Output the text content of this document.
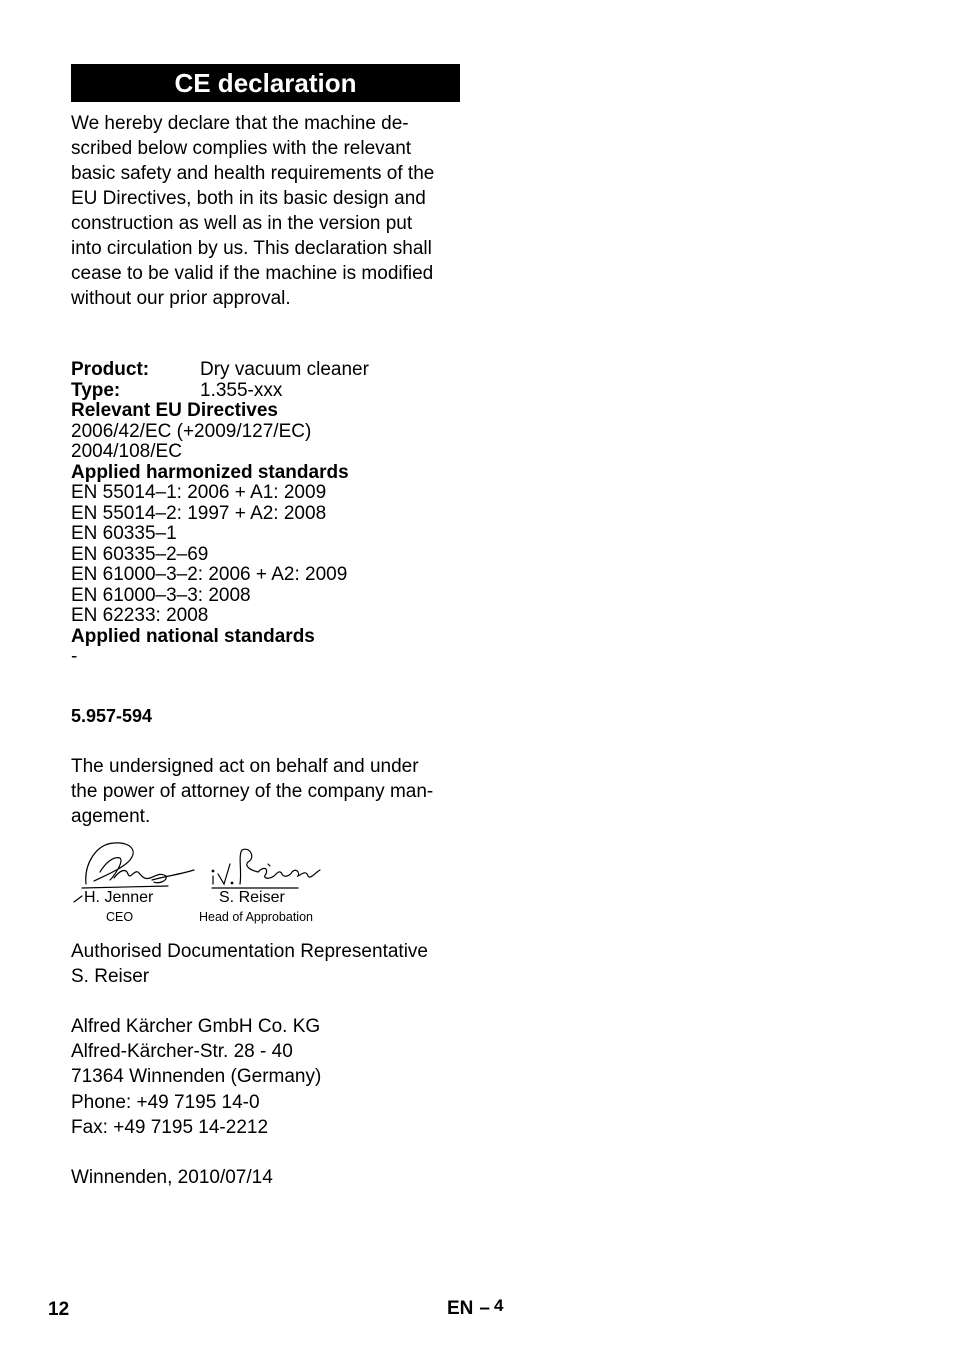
CE declaration
We hereby declare that the machine de-
scribed below complies with the relevant
basic safety and health requirements of the
EU Directives, both in its basic design and
construction as well as in the version put
into circulation by us. This declaration shall
cease to be valid if the machine is modified
without our prior approval.
Product:	Dry vacuum cleaner
Type:	1.355-xxx
Relevant EU Directives
2006/42/EC (+2009/127/EC)
2004/108/EC
Applied harmonized standards
EN 55014–1: 2006 + A1: 2009
EN 55014–2: 1997 + A2: 2008
EN 60335–1
EN 60335–2–69
EN 61000–3–2: 2006 + A2: 2009
EN 61000–3–3: 2008
EN 62233: 2008
Applied national standards
-
5.957-594
The undersigned act on behalf and under
the power of attorney of the company man-
agement.
H. Jenner
CEO
S. Reiser
Head of Approbation
Authorised Documentation Representative
S. Reiser
Alfred Kärcher GmbH Co. KG
Alfred-Kärcher-Str. 28 - 40
71364 Winnenden (Germany)
Phone: +49 7195 14-0
Fax: +49 7195 14-2212
Winnenden, 2010/07/14
12	EN – 4
